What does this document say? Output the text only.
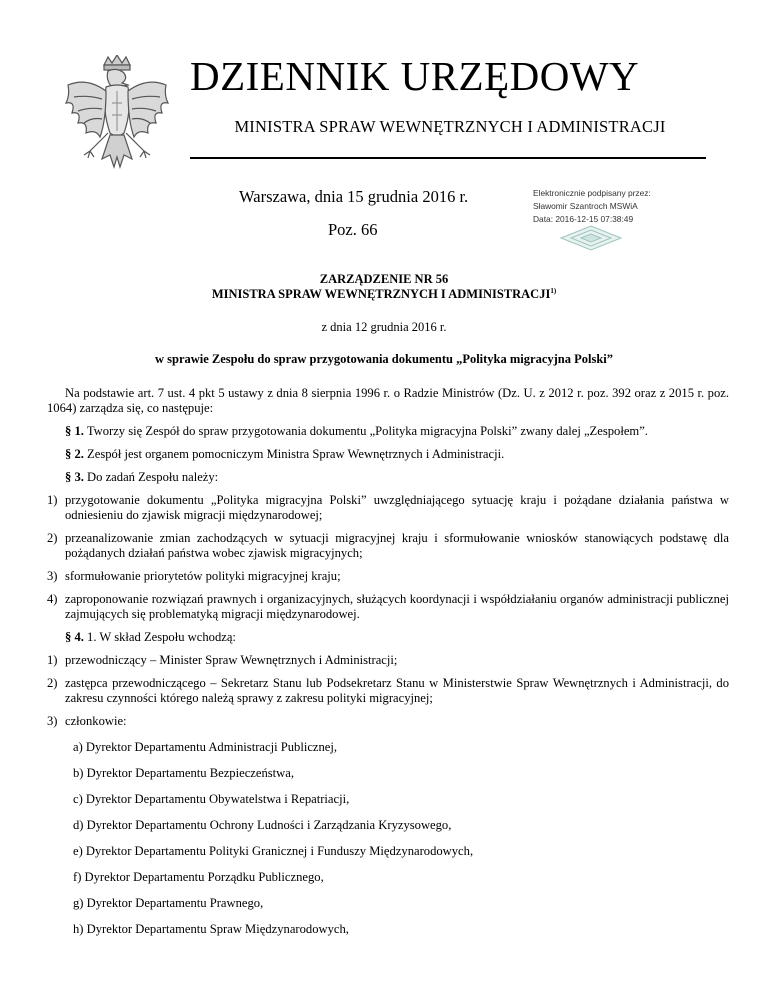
DZIENNIK URZĘDOWY
MINISTRA SPRAW WEWNĘTRZNYCH I ADMINISTRACJI
Warszawa, dnia 15 grudnia 2016 r.
Poz. 66
Elektronicznie podpisany przez:
Sławomir Szantroch MSWiA
Data: 2016-12-15 07:38:49
ZARZĄDZENIE NR 56
MINISTRA SPRAW WEWNĘTRZNYCH I ADMINISTRACJI$^{1)}$
z dnia 12 grudnia 2016 r.
w sprawie Zespołu do spraw przygotowania dokumentu „Polityka migracyjna Polski”

Na podstawie art. 7 ust. 4 pkt 5 ustawy z dnia 8 sierpnia 1996 r. o Radzie Ministrów (Dz. U. z 2012 r. poz. 392 oraz z 2015 r. poz. 1064) zarządza się, co następuje:

§ 1. Tworzy się Zespół do spraw przygotowania dokumentu „Polityka migracyjna Polski” zwany dalej „Zespołem”.

§ 2. Zespół jest organem pomocniczym Ministra Spraw Wewnętrznych i Administracji.

§ 3. Do zadań Zespołu należy:

1) przygotowanie dokumentu „Polityka migracyjna Polski” uwzględniającego sytuację kraju i pożądane działania państwa w odniesieniu do zjawisk migracji międzynarodowej;
2) przeanalizowanie zmian zachodzących w sytuacji migracyjnej kraju i sformułowanie wniosków stanowiących podstawę dla pożądanych działań państwa wobec zjawisk migracyjnych;
3) sformułowanie priorytetów polityki migracyjnej kraju;
4) zaproponowanie rozwiązań prawnych i organizacyjnych, służących koordynacji i współdziałaniu organów administracji publicznej zajmujących się problematyką migracji międzynarodowej.

§ 4. 1. W skład Zespołu wchodzą:

1) przewodniczący – Minister Spraw Wewnętrznych i Administracji;
2) zastępca przewodniczącego – Sekretarz Stanu lub Podsekretarz Stanu w Ministerstwie Spraw Wewnętrznych i Administracji, do zakresu czynności którego należą sprawy z zakresu polityki migracyjnej;
3) członkowie:

a) Dyrektor Departamentu Administracji Publicznej,

b) Dyrektor Departamentu Bezpieczeństwa,

c) Dyrektor Departamentu Obywatelstwa i Repatriacji,

d) Dyrektor Departamentu Ochrony Ludności i Zarządzania Kryzysowego,

e) Dyrektor Departamentu Polityki Granicznej i Funduszy Międzynarodowych,

f) Dyrektor Departamentu Porządku Publicznego,

g) Dyrektor Departamentu Prawnego,

h) Dyrektor Departamentu Spraw Międzynarodowych,
